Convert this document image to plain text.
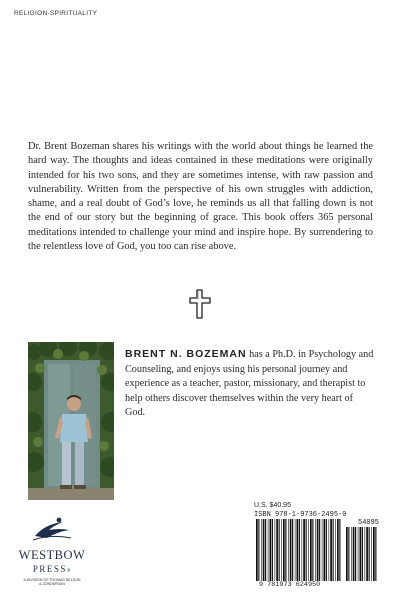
RELIGION-SPIRITUALITY

Dr. Brent Bozeman shares his writings with the world about things he learned the hard way. The thoughts and ideas contained in these meditations were originally intended for his two sons, and they are sometimes intense, with raw passion and vulnerability. Written from the perspective of his own struggles with addiction, shame, and a real doubt of God’s love, he reminds us all that falling down is not the end of our story but the beginning of grace. This book offers 365 personal meditations intended to challenge your mind and inspire hope. By surrendering to the relentless love of God, you too can rise above.

BRENT N. BOZEMAN has a Ph.D. in Psychology and Counseling, and enjoys using his personal journey and experience as a teacher, pastor, missionary, and therapist to help others discover themselves within the very heart of God.

WESTBOW
PRESS®
A DIVISION OF THOMAS NELSON
& ZONDERVAN
U.S. $40.95
ISBN 978-1-9736-2495-0
54095
9 781973 624950
